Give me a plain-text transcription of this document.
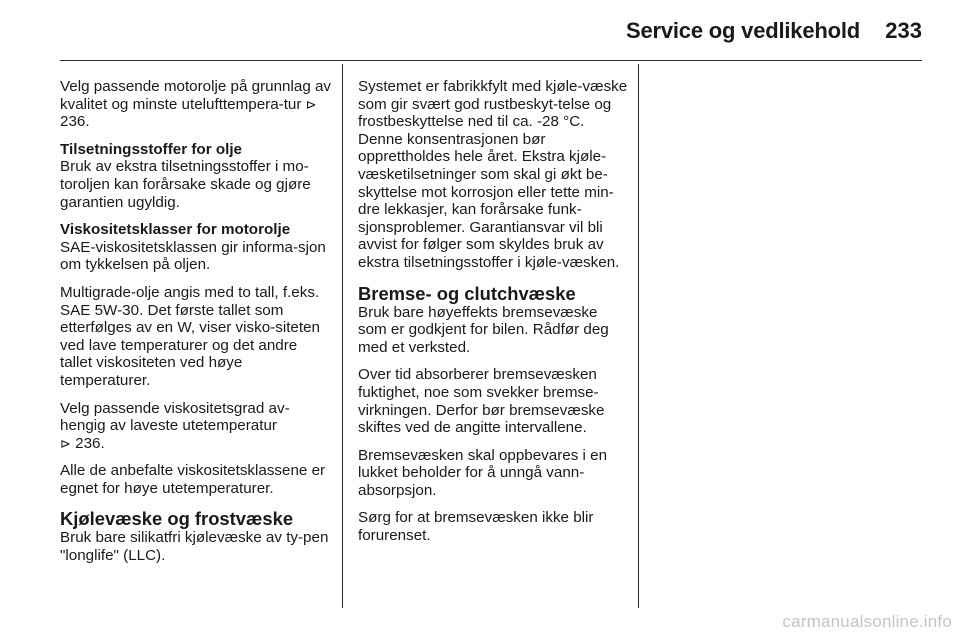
Service og vedlikehold	233

Velg passende motorolje på grunnlag av kvalitet og minste utelufttempera-tur ⊳ 236.

Tilsetningsstoffer for olje

Bruk av ekstra tilsetningsstoffer i mo-toroljen kan forårsake skade og gjøre garantien ugyldig.

Viskositetsklasser for motorolje

SAE-viskositetsklassen gir informa-sjon om tykkelsen på oljen.

Multigrade-olje angis med to tall, f.eks. SAE 5W-30. Det første tallet som etterfølges av en W, viser visko-siteten ved lave temperaturer og det andre tallet viskositeten ved høye temperaturer.

Velg passende viskositetsgrad av-hengig av laveste utetemperatur
⊳ 236.

Alle de anbefalte viskositetsklassene er egnet for høye utetemperaturer.

Kjølevæske og frostvæske

Bruk bare silikatfri kjølevæske av ty-pen "longlife" (LLC).

Systemet er fabrikkfylt med kjøle-væske som gir svært god rustbeskyt-telse og frostbeskyttelse ned til ca. -28 °C. Denne konsentrasjonen bør opprettholdes hele året. Ekstra kjøle-væsketilsetninger som skal gi økt be-skyttelse mot korrosjon eller tette min-dre lekkasjer, kan forårsake funk-sjonsproblemer. Garantiansvar vil bli avvist for følger som skyldes bruk av ekstra tilsetningsstoffer i kjøle-væsken.

Bremse- og clutchvæske

Bruk bare høyeffekts bremsevæske som er godkjent for bilen. Rådfør deg med et verksted.

Over tid absorberer bremsevæsken fuktighet, noe som svekker bremse-virkningen. Derfor bør bremsevæske skiftes ved de angitte intervallene.

Bremsevæsken skal oppbevares i en lukket beholder for å unngå vann-absorpsjon.

Sørg for at bremsevæsken ikke blir forurenset.

carmanualsonline.info
